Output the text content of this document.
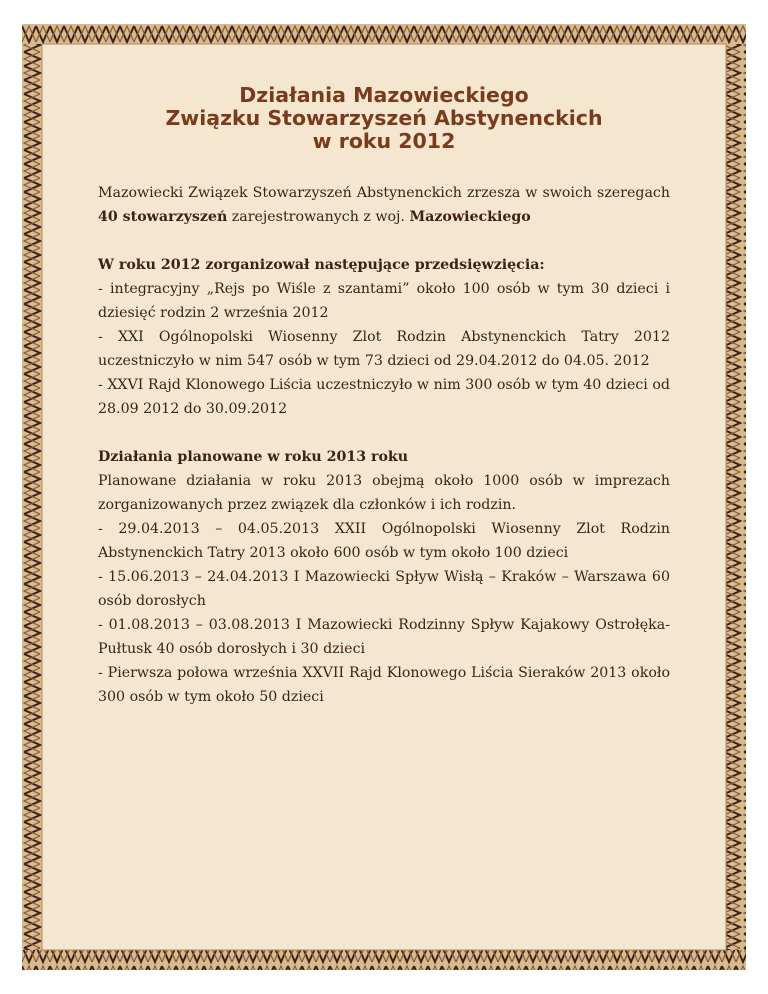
Działania Mazowieckiego
Związku Stowarzyszeń Abstynenckich
w roku 2012

Mazowiecki Związek Stowarzyszeń Abstynenckich zrzesza w swoich szeregach 40 stowarzyszeń zarejestrowanych z woj. Mazowieckiego

W roku 2012 zorganizował następujące przedsięwzięcia:

- integracyjny „Rejs po Wiśle z szantami” około 100 osób w tym 30 dzieci i dziesięć rodzin 2 września 2012

- XXI Ogólnopolski Wiosenny Zlot Rodzin Abstynenckich Tatry 2012 uczestniczyło w nim 547 osób w tym 73 dzieci od 29.04.2012 do 04.05. 2012

- XXVI Rajd Klonowego Liścia uczestniczyło w nim 300 osób w tym 40 dzieci od 28.09 2012 do 30.09.2012

Działania planowane w roku 2013 roku

Planowane działania w roku 2013 obejmą około 1000 osób w imprezach zorganizowanych przez związek dla członków i ich rodzin.

- 29.04.2013 – 04.05.2013 XXII Ogólnopolski Wiosenny Zlot Rodzin Abstynenckich Tatry 2013 około 600 osób w tym około 100 dzieci

- 15.06.2013 – 24.04.2013 I Mazowiecki Spływ Wisłą – Kraków – Warszawa 60 osób dorosłych

- 01.08.2013 – 03.08.2013 I Mazowiecki Rodzinny Spływ Kajakowy Ostrołęka- Pułtusk 40 osób dorosłych i 30 dzieci

- Pierwsza połowa września XXVII Rajd Klonowego Liścia Sieraków 2013 około 300 osób w tym około 50 dzieci
